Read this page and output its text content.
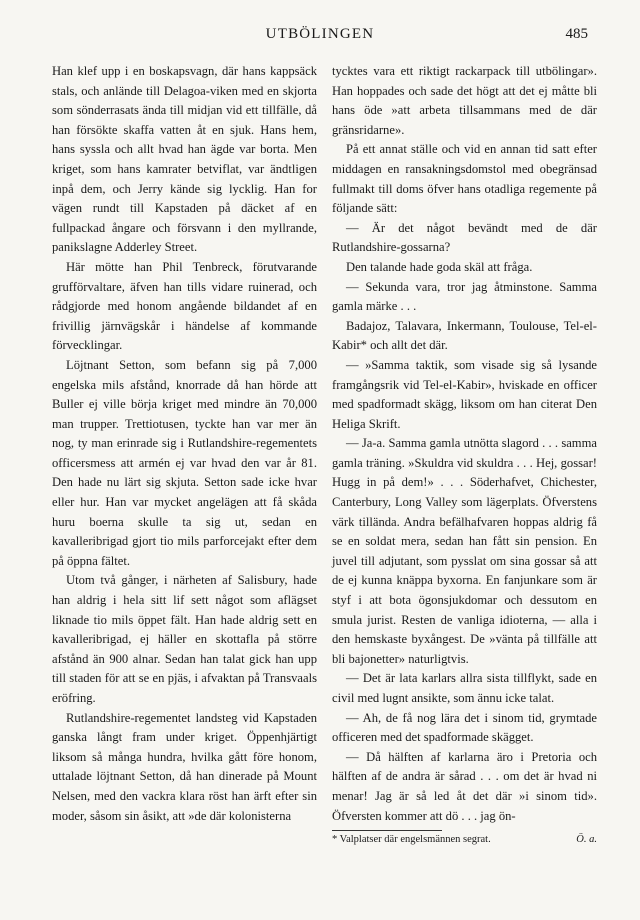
UTBÖLINGEN	485

Han klef upp i en boskapsvagn, där hans kappsäck stals, och anlände till Delagoa-viken med en skjorta som sönderrasats ända till midjan vid ett tillfälle, då han försökte skaffa vatten åt en sjuk. Hans hem, hans syssla och allt hvad han ägde var borta. Men kriget, som hans kamrater betviflat, var ändtligen inpå dem, och Jerry kände sig lycklig. Han for vägen rundt till Kapstaden på däcket af en fullpackad ångare och försvann i den myllrande, panikslagne Adderley Street.

Här mötte han Phil Tenbreck, förutvarande grufförvaltare, äfven han tills vidare ruinerad, och rådgjorde med honom angående bildandet af en frivillig järnvägskår i händelse af kommande förvecklingar.

Löjtnant Setton, som befann sig på 7,000 engelska mils afstånd, knorrade då han hörde att Buller ej ville börja kriget med mindre än 70,000 man trupper. Trettiotusen, tyckte han var mer än nog, ty man erinrade sig i Rutlandshire-regementets officersmess att armén ej var hvad den var år 81. Den hade nu lärt sig skjuta. Setton sade icke hvar eller hur. Han var mycket angelägen att få skåda huru boerna skulle ta sig ut, sedan en kavalleribrigad gjort tio mils parforcejakt efter dem på öppna fältet.

Utom två gånger, i närheten af Salisbury, hade han aldrig i hela sitt lif sett något som aflägset liknade tio mils öppet fält. Han hade aldrig sett en kavalleribrigad, ej häller en skottafla på större afstånd än 900 alnar. Sedan han talat gick han upp till staden för att se en pjäs, i afvaktan på Transvaals eröfring.

Rutlandshire-regementet landsteg vid Kapstaden ganska långt fram under kriget. Öppenhjärtigt liksom så många hundra, hvilka gått före honom, uttalade löjtnant Setton, då han dinerade på Mount Nelsen, med den vackra klara röst han ärft efter sin moder, såsom sin åsikt, att »de där kolonisterna

tycktes vara ett riktigt rackarpack till utbölingar». Han hoppades och sade det högt att det ej måtte bli hans öde »att arbeta tillsammans med de där gränsridarne».

På ett annat ställe och vid en annan tid satt efter middagen en ransakningsdomstol med obegränsad fullmakt till doms öfver hans otadliga regemente på följande sätt:

— Är det något bevändt med de där Rutlandshire-gossarna?

Den talande hade goda skäl att fråga.

— Sekunda vara, tror jag åtminstone. Samma gamla märke . . .

Badajoz, Talavara, Inkermann, Toulouse, Tel-el-Kabir* och allt det där.

— »Samma taktik, som visade sig så lysande framgångsrik vid Tel-el-Kabir», hviskade en officer med spadformadt skägg, liksom om han citerat Den Heliga Skrift.

— Ja-a. Samma gamla utnötta slagord . . . samma gamla träning. »Skuldra vid skuldra . . . Hej, gossar! Hugg in på dem!» . . . Söderhafvet, Chichester, Canterbury, Long Valley som lägerplats. Öfverstens värk tillända. Andra befälhafvaren hoppas aldrig få se en soldat mera, sedan han fått sin pension. En juvel till adjutant, som pysslat om sina gossar så att de ej kunna knäppa byxorna. En fanjunkare som är styf i att bota ögonsjukdomar och dessutom en smula jurist. Resten de vanliga idioterna, — alla i den hemskaste byxångest. De »vänta på tillfälle att bli bajonetter» naturligtvis.

— Det är lata karlars allra sista tillflykt, sade en civil med lugnt ansikte, som ännu icke talat.

— Ah, de få nog lära det i sinom tid, grymtade officeren med det spadformade skägget.

— Då hälften af karlarna äro i Pretoria och hälften af de andra är sårad . . . om det är hvad ni menar! Jag är så led åt det där »i sinom tid». Öfversten kommer att dö . . . jag ön-

* Valplatser där engelsmännen segrat.	Ö. a.
